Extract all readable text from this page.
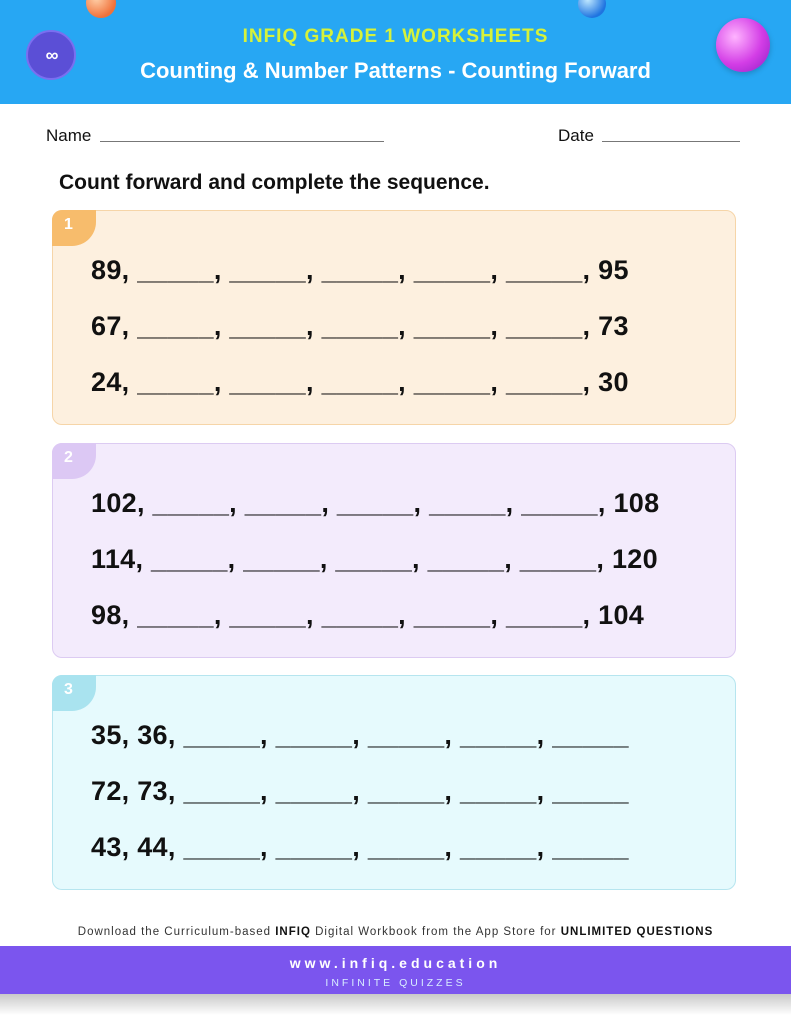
∞
INFIQ GRADE 1 WORKSHEETS
Counting & Number Patterns - Counting Forward
Name	Date
Count forward and complete the sequence.
1
89, _____, _____, _____, _____, _____, 95
67, _____, _____, _____, _____, _____, 73
24, _____, _____, _____, _____, _____, 30
2
102, _____, _____, _____, _____, _____, 108
114, _____, _____, _____, _____, _____, 120
98, _____, _____, _____, _____, _____, 104
3
35, 36, _____, _____, _____, _____, _____
72, 73, _____, _____, _____, _____, _____
43, 44, _____, _____, _____, _____, _____
Download the Curriculum-based INFIQ Digital Workbook from the App Store for UNLIMITED QUESTIONS
www.infiq.education
INFINITE QUIZZES
